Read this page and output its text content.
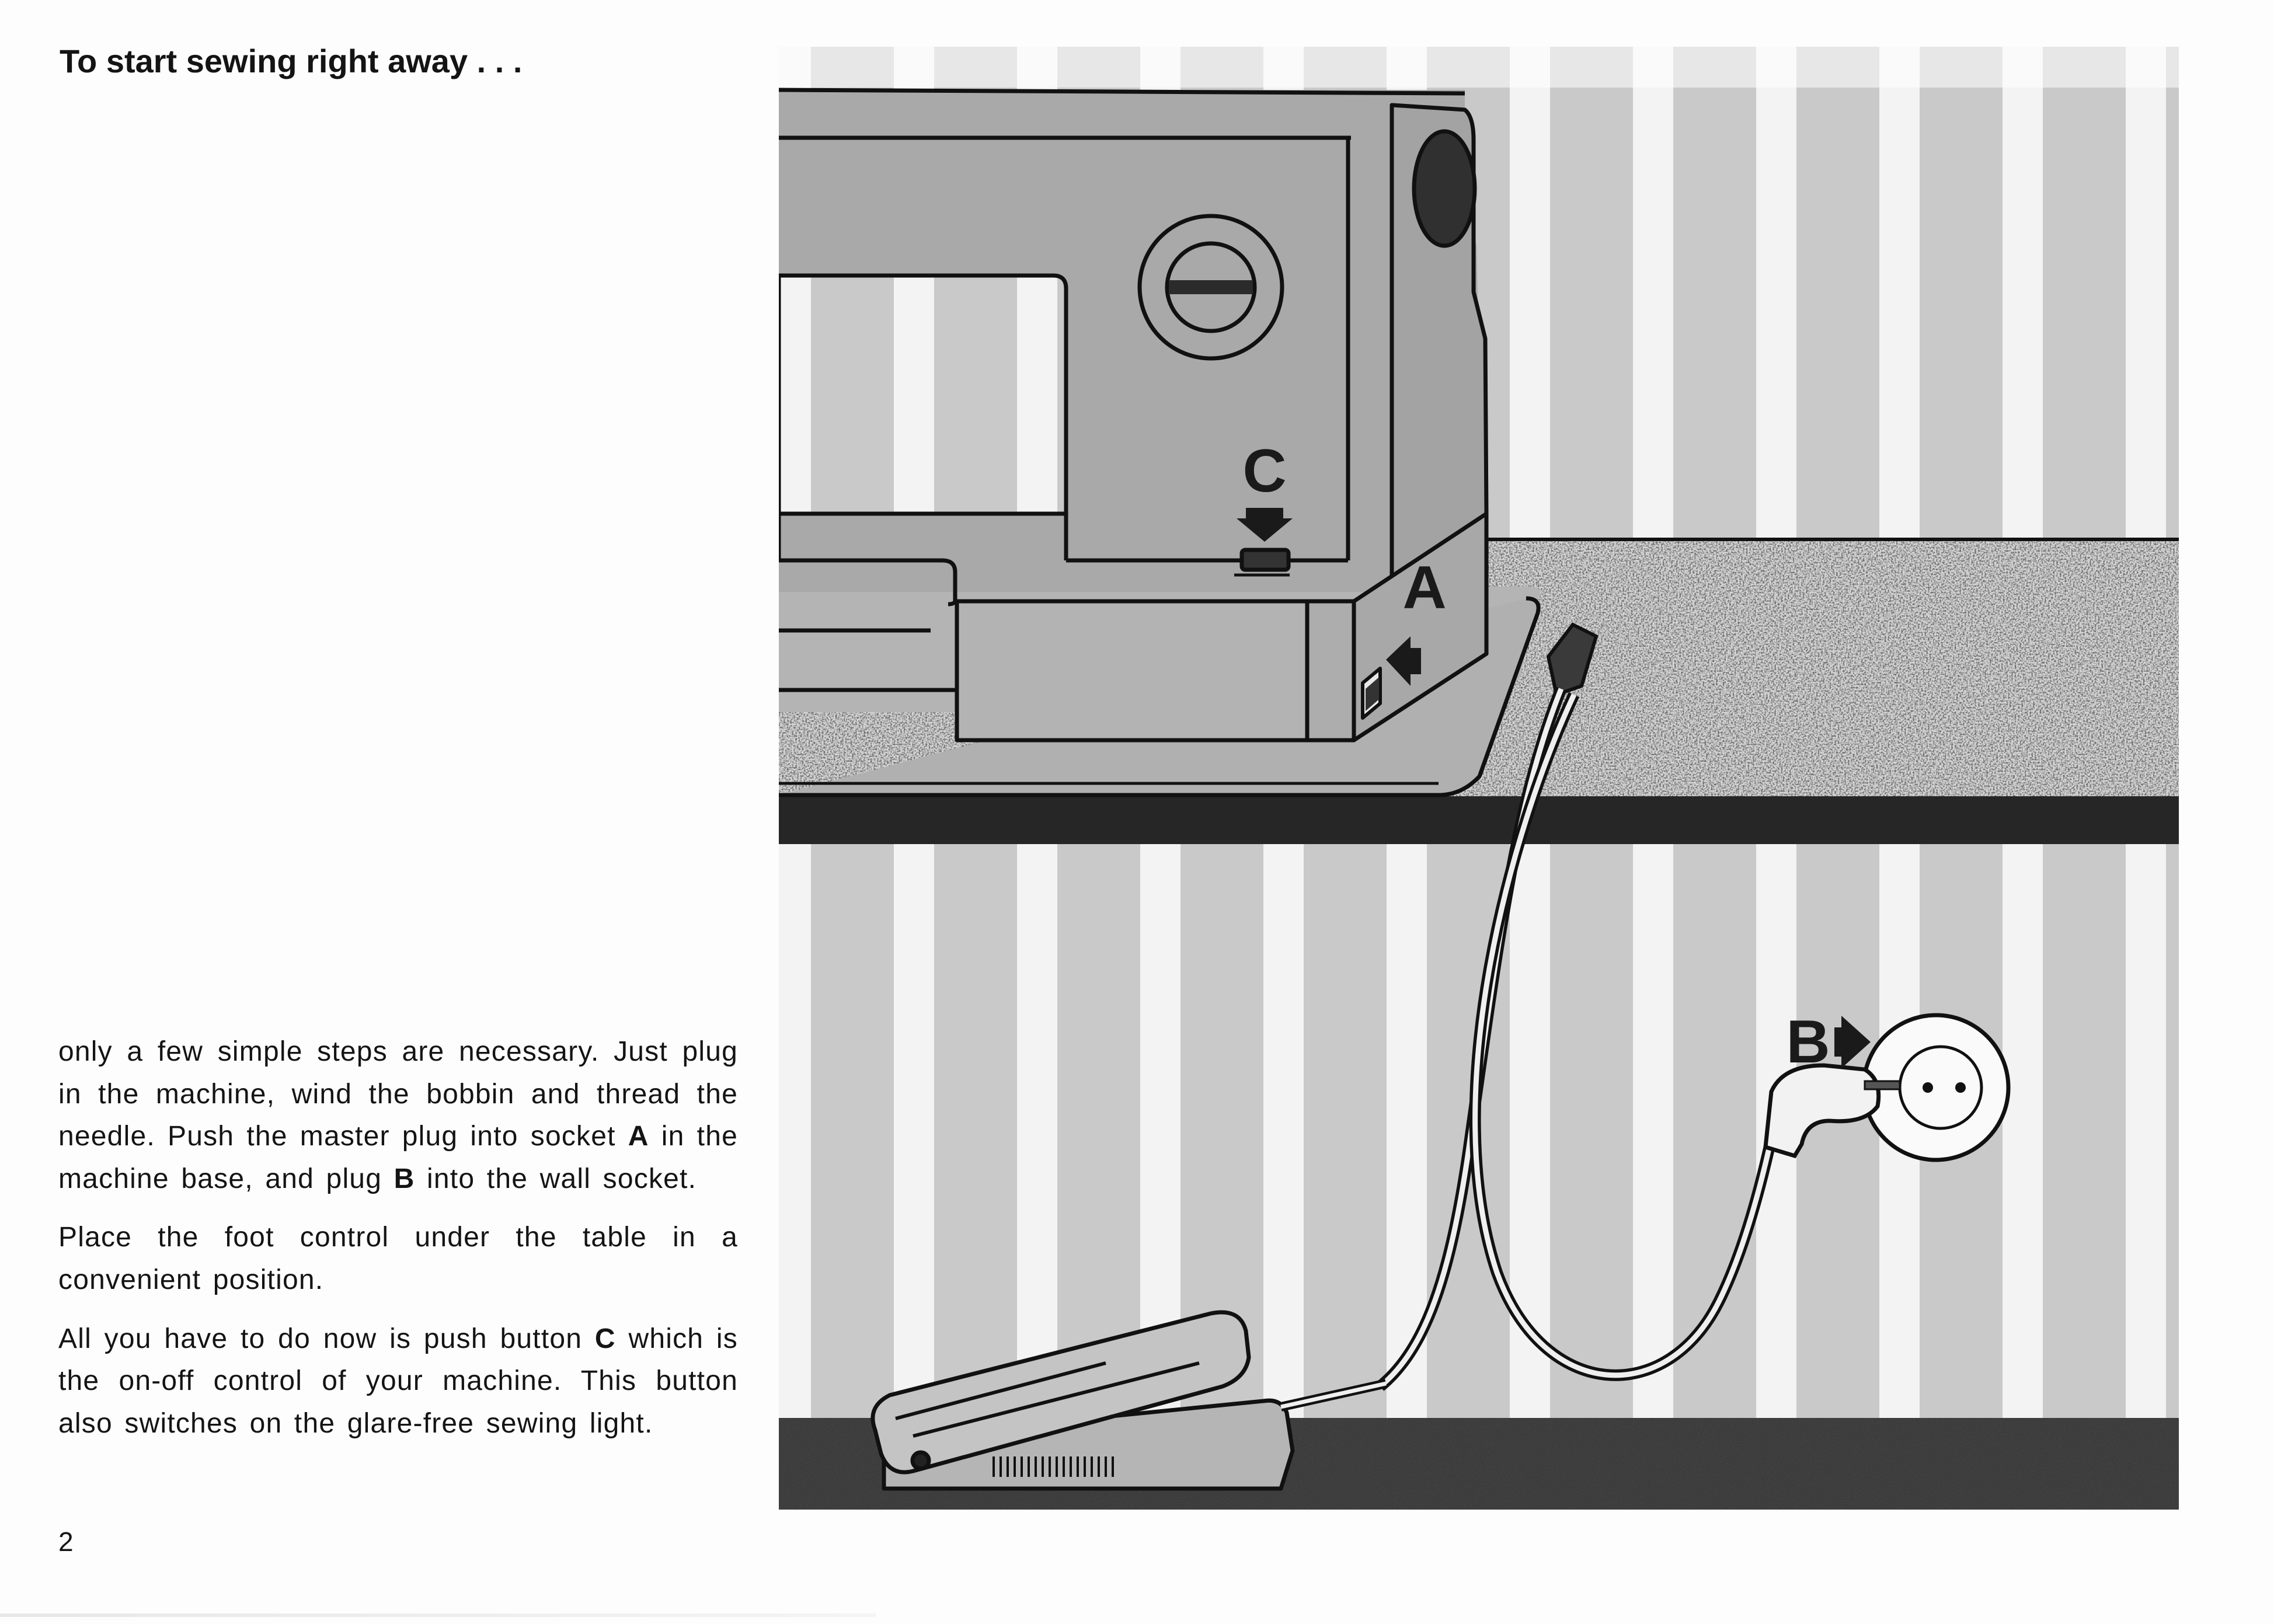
To start sewing right away . . .

only a few simple steps are necessary. Just plug in the machine, wind the bobbin and thread the needle. Push the master plug into socket A in the machine base, and plug B into the wall socket.

Place the foot control under the table in a convenient position.

All you have to do now is push button C which is the on-off control of your machine. This button also switches on the glare-free sewing light.

2
C
A
B
